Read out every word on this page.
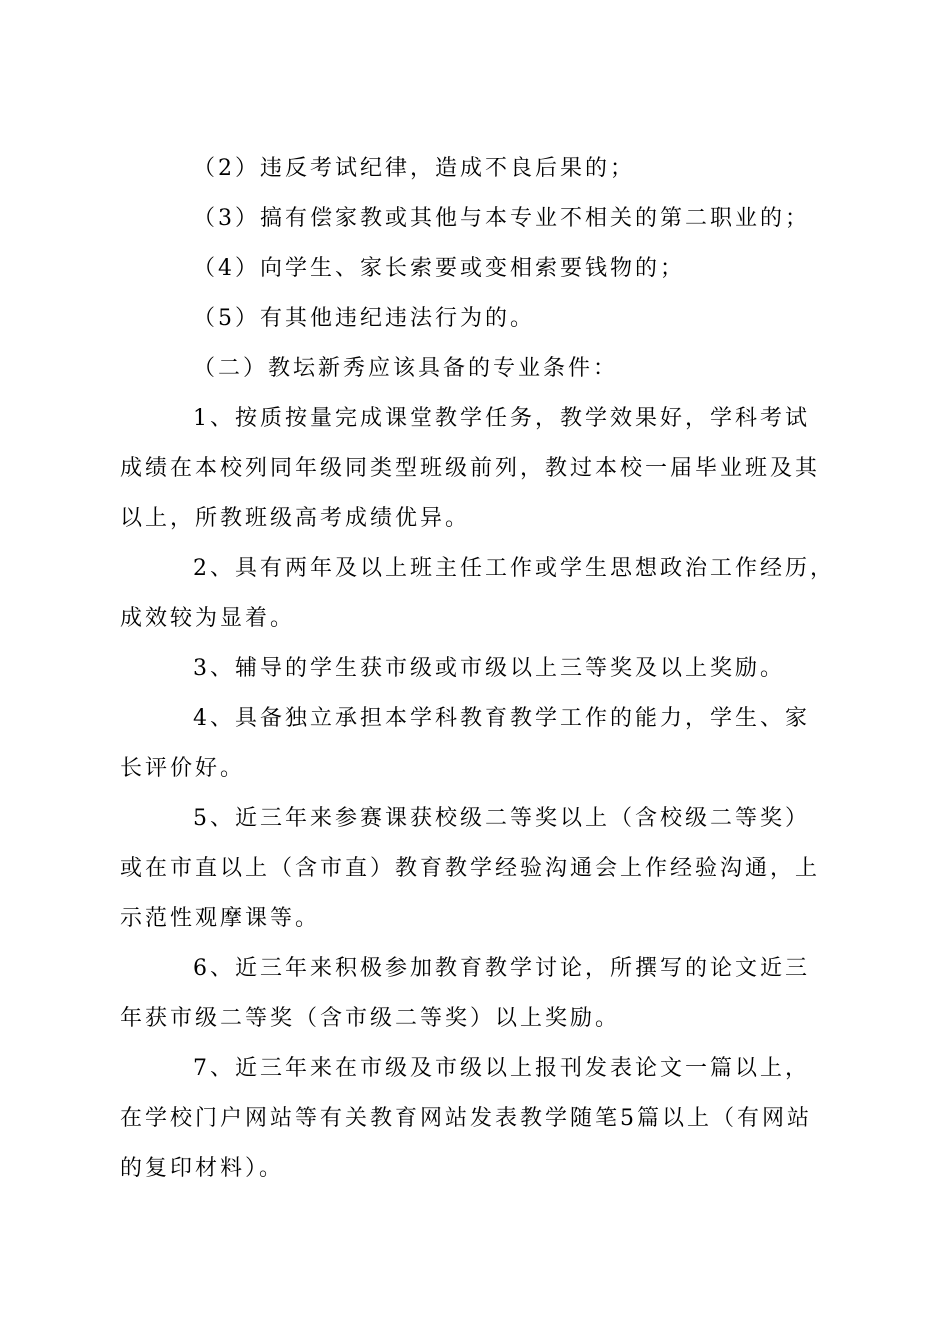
（2）违反考试纪律，造成不良后果的；
（3）搞有偿家教或其他与本专业不相关的第二职业的；
（4）向学生、家长索要或变相索要钱物的；
（5）有其他违纪违法行为的。
（二）教坛新秀应该具备的专业条件：
1、按质按量完成课堂教学任务，教学效果好，学科考试
成绩在本校列同年级同类型班级前列，教过本校一届毕业班及其
以上，所教班级高考成绩优异。
2、具有两年及以上班主任工作或学生思想政治工作经历，
成效较为显着。
3、辅导的学生获市级或市级以上三等奖及以上奖励。
4、具备独立承担本学科教育教学工作的能力，学生、家
长评价好。
5、近三年来参赛课获校级二等奖以上（含校级二等奖）
或在市直以上（含市直）教育教学经验沟通会上作经验沟通，上
示范性观摩课等。
6、近三年来积极参加教育教学讨论，所撰写的论文近三
年获市级二等奖（含市级二等奖）以上奖励。
7、近三年来在市级及市级以上报刊发表论文一篇以上，
在学校门户网站等有关教育网站发表教学随笔5篇以上（有网站
的复印材料）。
